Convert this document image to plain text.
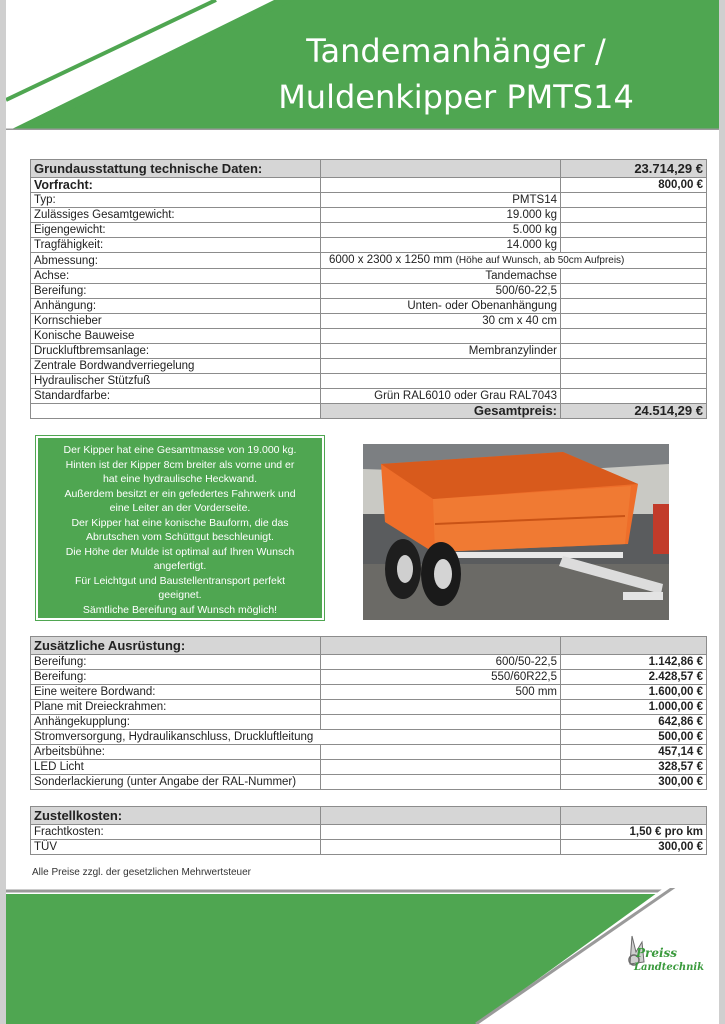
Tandemanhänger /
Muldenkipper PMTS14
Grundausstattung technische Daten:		23.714,29 €
Vorfracht:		800,00 €
Typ:	PMTS14	
Zulässiges Gesamtgewicht:	19.000 kg	
Eigengewicht:	5.000 kg	
Tragfähigkeit:	14.000 kg	
Abmessung:	6000 x 2300 x 1250 mm (Höhe auf Wunsch, ab 50cm Aufpreis)	
Achse:	Tandemachse	
Bereifung:	500/60-22,5	
Anhängung:	Unten- oder Obenanhängung	
Kornschieber	30 cm x 40 cm	
Konische Bauweise		
Druckluftbremsanlage:	Membranzylinder	
Zentrale Bordwandverriegelung		
Hydraulischer Stützfuß		
Standardfarbe:	Grün RAL6010 oder Grau RAL7043	
	Gesamtpreis:	24.514,29 €
Der Kipper hat eine Gesamtmasse von 19.000 kg.
Hinten ist der Kipper 8cm breiter als vorne und er
hat eine hydraulische Heckwand.
Außerdem besitzt er ein gefedertes Fahrwerk und
eine Leiter an der Vorderseite.
Der Kipper hat eine konische Bauform, die das
Abrutschen vom Schüttgut beschleunigt.
Die Höhe der Mulde ist optimal auf Ihren Wunsch
angefertigt.
Für Leichtgut und Baustellentransport perfekt
geeignet.
Sämtliche Bereifung auf Wunsch möglich!
Zusätzliche Ausrüstung:		
Bereifung:	600/50-22,5	1.142,86 €
Bereifung:	550/60R22,5	2.428,57 €
Eine weitere Bordwand:	500 mm	1.600,00 €
Plane mit Dreieckrahmen:		1.000,00 €
Anhängekupplung:		642,86 €
Stromversorgung, Hydraulikanschluss, Druckluftleitung		500,00 €
Arbeitsbühne:		457,14 €
LED Licht		328,57 €
Sonderlackierung (unter Angabe der RAL-Nummer)		300,00 €
Zustellkosten:		
Frachtkosten:		1,50 € pro km
TÜV		300,00 €
Alle Preise zzgl. der gesetzlichen Mehrwertsteuer
Preiss
Landtechnik
